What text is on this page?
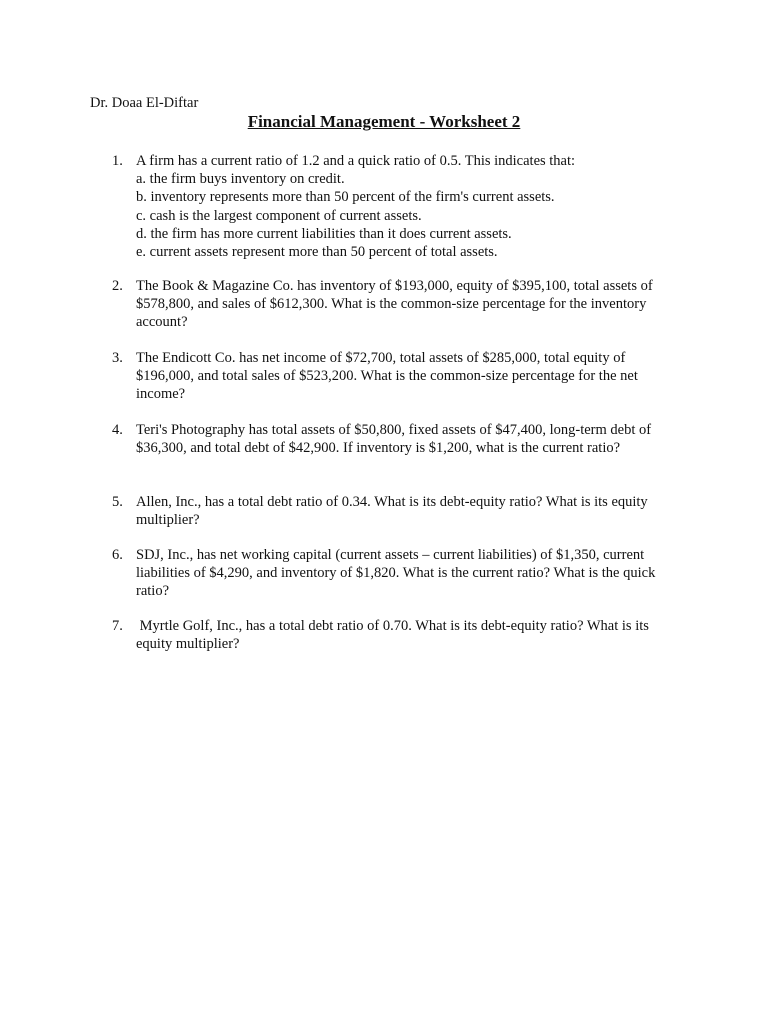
Dr. Doaa El-Diftar
Financial Management - Worksheet 2
1. A firm has a current ratio of 1.2 and a quick ratio of 0.5. This indicates that:
a. the firm buys inventory on credit.
b. inventory represents more than 50 percent of the firm's current assets.
c. cash is the largest component of current assets.
d. the firm has more current liabilities than it does current assets.
e. current assets represent more than 50 percent of total assets.
2. The Book & Magazine Co. has inventory of $193,000, equity of $395,100, total assets of
$578,800, and sales of $612,300. What is the common-size percentage for the inventory
account?
3. The Endicott Co. has net income of $72,700, total assets of $285,000, total equity of
$196,000, and total sales of $523,200. What is the common-size percentage for the net
income?
4. Teri's Photography has total assets of $50,800, fixed assets of $47,400, long-term debt of
$36,300, and total debt of $42,900. If inventory is $1,200, what is the current ratio?
5. Allen, Inc., has a total debt ratio of 0.34. What is its debt-equity ratio? What is its equity
multiplier?
6. SDJ, Inc., has net working capital (current assets – current liabilities) of $1,350, current
liabilities of $4,290, and inventory of $1,820. What is the current ratio? What is the quick
ratio?
7. Myrtle Golf, Inc., has a total debt ratio of 0.70. What is its debt-equity ratio? What is its
equity multiplier?
